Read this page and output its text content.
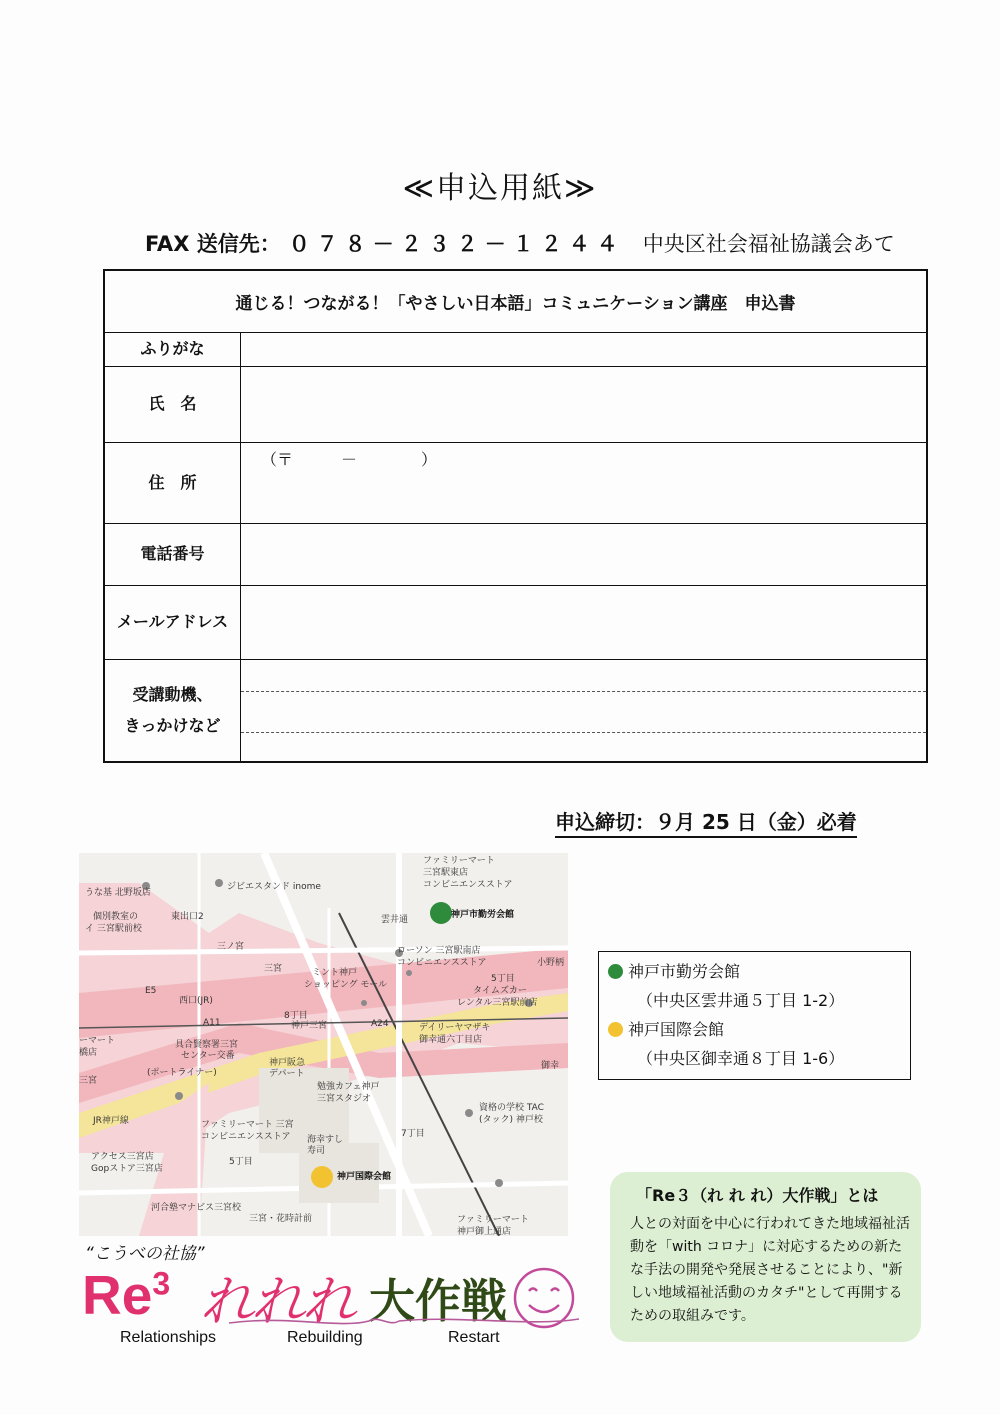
≪申込用紙≫
FAX 送信先： ０７８－２３２－１２４４ 中央区社会福祉協議会あて
通じる！つながる！「やさしい日本語」コミュニケーション講座　申込書
ふりがな
氏　名
住　所
（〒　　　－　　　　）
電話番号
メールアドレス
受講動機、
きっかけなど
申込締切：９月 25 日（金）必着
ファミリーマート
三宮駅東店
コンビニエンスストア
神戸市勤労会館
雲井通
ジビエスタンド inome
うな基 北野坂店
個別教室の
イ 三宮駅前校
東出口2
三ノ宮
三宮	ミント神戸
ショッピング モール
ローソン 三宮駅南店
コンビニエンスストア
5丁目
小野柄
タイムズカー
レンタル三宮駅前店
E5
西口(JR)
A11
8丁目
神戸三宮	A24	デイリーヤマザキ
御幸通六丁目店
具合賢察署三宮
センター交番
ーマート
橋店
三宮
(ポートライナー)
神戸阪急
デパート
勉強カフェ神戸
三宮スタジオ
御幸
資格の学校 TAC
(タック) 神戸校
JR神戸線	ファミリーマート 三宮
コンビニエンスストア 海幸すし
寿司
7丁目
アクセス三宮店
Gopストア三宮店
5丁目
神戸国際会館
河合塾マナビス三宮校
三宮・花時計前	ファミリーマート
神戸御上通店
神戸市勤労会館
（中央区雲井通５丁目 1-2）
神戸国際会館
（中央区御幸通８丁目 1-6）
「Re３（れ れ れ）大作戦」とは
人との対面を中心に行われてきた地域福祉活動を「with コロナ」に対応するための新たな手法の開発や発展させることにより、"新しい地域福祉活動のカタチ"として再開するための取組みです。
“こうべの社協”
Re$^3$ れれれ 大作戦
Relationships	Rebuilding	Restart
